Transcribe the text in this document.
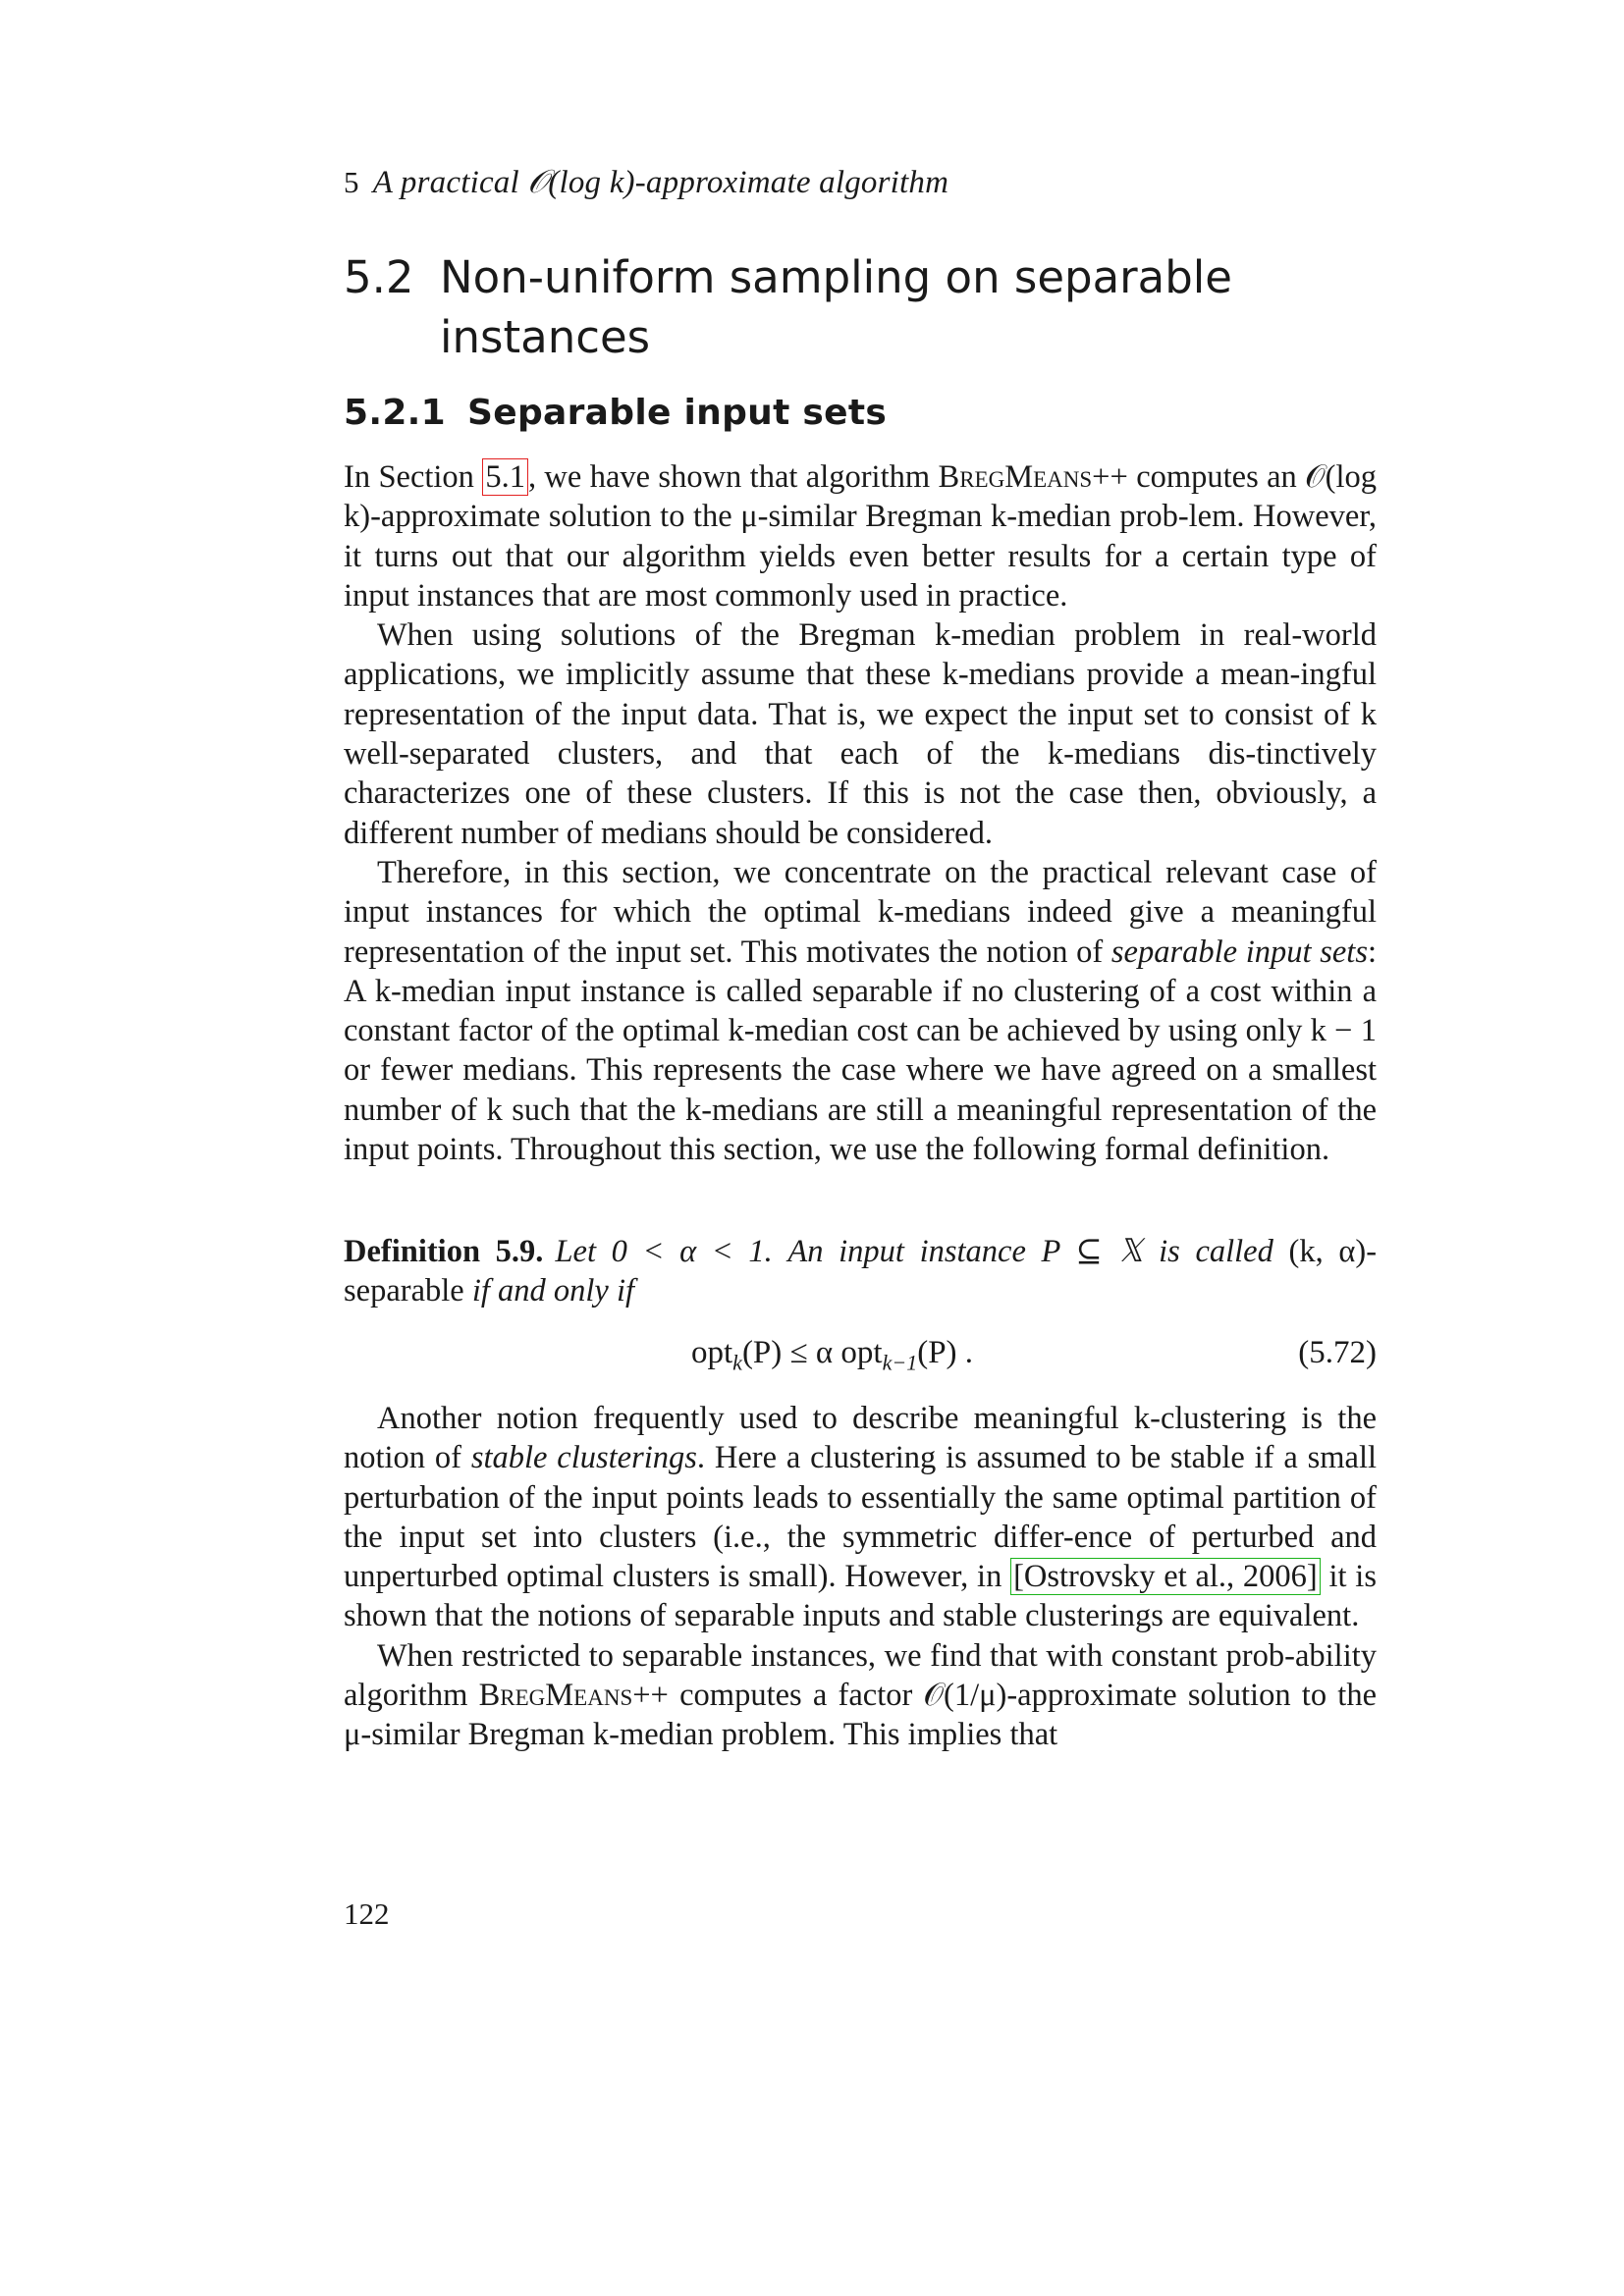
5 A practical 𝒪(log k)-approximate algorithm
5.2 Non-uniform sampling on separable
instances
5.2.1 Separable input sets

In Section 5.1, we have shown that algorithm BregMeans++ computes an 𝒪(log k)-approximate solution to the μ-similar Bregman k-median prob-lem. However, it turns out that our algorithm yields even better results for a certain type of input instances that are most commonly used in practice.

When using solutions of the Bregman k-median problem in real-world applications, we implicitly assume that these k-medians provide a mean-ingful representation of the input data. That is, we expect the input set to consist of k well-separated clusters, and that each of the k-medians dis-tinctively characterizes one of these clusters. If this is not the case then, obviously, a different number of medians should be considered.

Therefore, in this section, we concentrate on the practical relevant case of input instances for which the optimal k-medians indeed give a meaningful representation of the input set. This motivates the notion of separable input sets: A k-median input instance is called separable if no clustering of a cost within a constant factor of the optimal k-median cost can be achieved by using only k − 1 or fewer medians. This represents the case where we have agreed on a smallest number of k such that the k-medians are still a meaningful representation of the input points. Throughout this section, we use the following formal definition.

Definition 5.9. Let 0 < α < 1. An input instance P ⊆ 𝕏 is called (k, α)-separable if and only if
opt$_k$(P) ≤ α opt$_{k-1}$(P) .	(5.72)

Another notion frequently used to describe meaningful k-clustering is the notion of stable clusterings. Here a clustering is assumed to be stable if a small perturbation of the input points leads to essentially the same optimal partition of the input set into clusters (i.e., the symmetric differ-ence of perturbed and unperturbed optimal clusters is small). However, in [Ostrovsky et al., 2006] it is shown that the notions of separable inputs and stable clusterings are equivalent.

When restricted to separable instances, we find that with constant prob-ability algorithm BregMeans++ computes a factor 𝒪(1/μ)-approximate solution to the μ-similar Bregman k-median problem. This implies that

122
